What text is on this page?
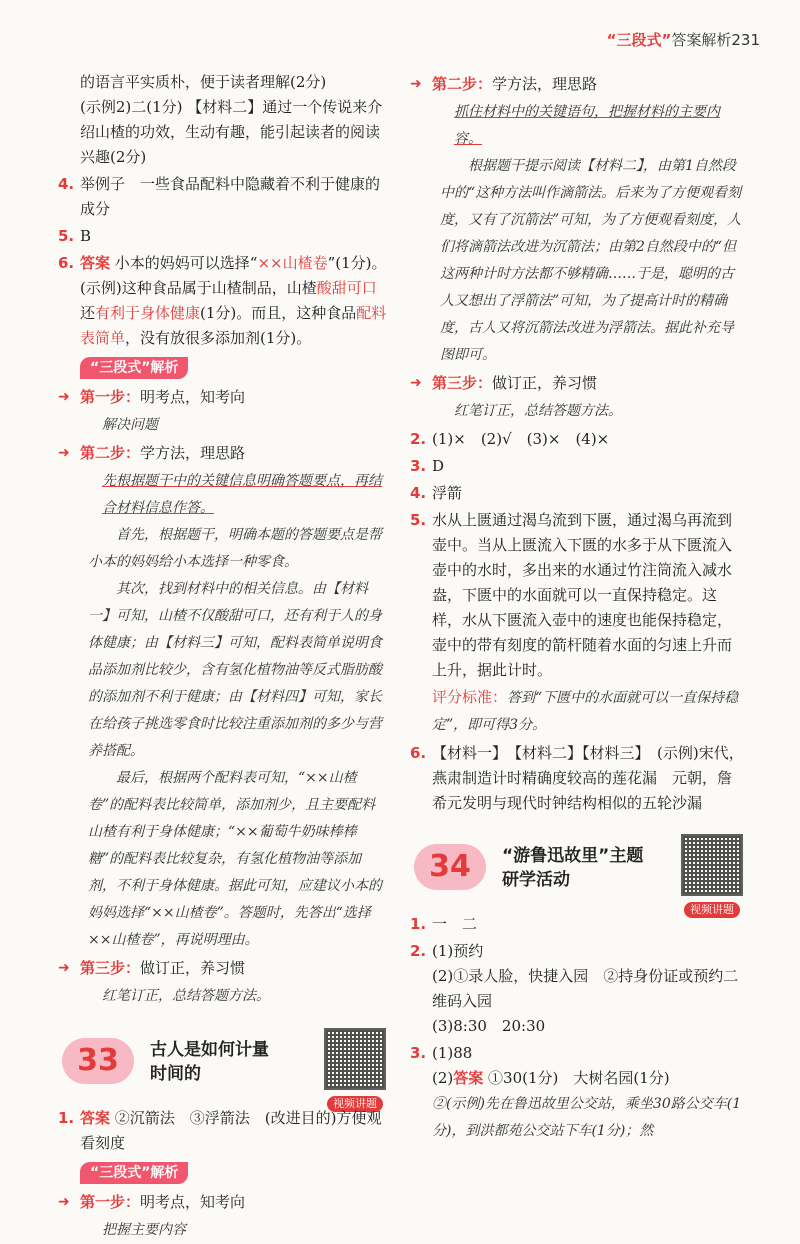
“三段式”答案解析231

的语言平实质朴，便于读者理解(2分)

(示例2)二(1分) 【材料二】通过一个传说来介绍山楂的功效，生动有趣，能引起读者的阅读兴趣(2分)

4. 举例子　一些食品配料中隐藏着不利于健康的成分
5. B
6. 答案 小本的妈妈可以选择“××山楂卷”(1分)。(示例)这种食品属于山楂制品，山楂酸甜可口还有利于身体健康(1分)。而且，这种食品配料表简单，没有放很多添加剂(1分)。
“三段式”解析
➜ 第一步：明考点，知考向

解决问题

➜ 第二步：学方法，理思路

先根据题干中的关键信息明确答题要点，再结合材料信息作答。

首先，根据题干，明确本题的答题要点是帮小本的妈妈给小本选择一种零食。

其次，找到材料中的相关信息。由【材料一】可知，山楂不仅酸甜可口，还有利于人的身体健康；由【材料三】可知，配料表简单说明食品添加剂比较少，含有氢化植物油等反式脂肪酸的添加剂不利于健康；由【材料四】可知，家长在给孩子挑选零食时比较注重添加剂的多少与营养搭配。

最后，根据两个配料表可知，“××山楂卷”的配料表比较简单，添加剂少，且主要配料山楂有利于身体健康；“××葡萄牛奶味棒棒糖”的配料表比较复杂，有氢化植物油等添加剂，不利于身体健康。据此可知，应建议小本的妈妈选择“××山楂卷”。答题时，先答出“选择××山楂卷”，再说明理由。

➜ 第三步：做订正，养习惯

红笔订正，总结答题方法。

33	古人是如何计量
时间的
视频讲题
1. 答案 ②沉箭法　③浮箭法　(改进目的)方便观看刻度
“三段式”解析
➜ 第一步：明考点，知考向

把握主要内容

➜ 第二步：学方法，理思路

抓住材料中的关键语句，把握材料的主要内容。

根据题干提示阅读【材料二】，由第1自然段中的“这种方法叫作滴箭法。后来为了方便观看刻度，又有了沉箭法”可知，为了方便观看刻度，人们将滴箭法改进为沉箭法；由第2自然段中的“但这两种计时方法都不够精确……于是，聪明的古人又想出了浮箭法”可知，为了提高计时的精确度，古人又将沉箭法改进为浮箭法。据此补充导图即可。

➜ 第三步：做订正，养习惯

红笔订正，总结答题方法。

2. (1)×　(2)√　(3)×　(4)×
3. D
4. 浮箭
5. 水从上匮通过渴乌流到下匮，通过渴乌再流到壶中。当从上匮流入下匮的水多于从下匮流入壶中的水时，多出来的水通过竹注筒流入减水盎，下匮中的水面就可以一直保持稳定。这样，水从下匮流入壶中的速度也能保持稳定，壶中的带有刻度的箭杆随着水面的匀速上升而上升，据此计时。

评分标准：答到“下匮中的水面就可以一直保持稳定”，即可得3分。

6. 【材料一】　【材料二】【材料三】　(示例)宋代，燕肃制造计时精确度较高的莲花漏　元朝，詹希元发明与现代时钟结构相似的五轮沙漏
34	“游鲁迅故里”主题
研学活动
视频讲题
1. 一　二
2. (1)预约

(2)①录人脸，快捷入园　②持身份证或预约二维码入园

(3)8:30　20:30

3. (1)88

(2)答案 ①30(1分)　大树名园(1分)

②(示例)先在鲁迅故里公交站，乘坐30路公交车(1分)，到洪都苑公交站下车(1分)；然
